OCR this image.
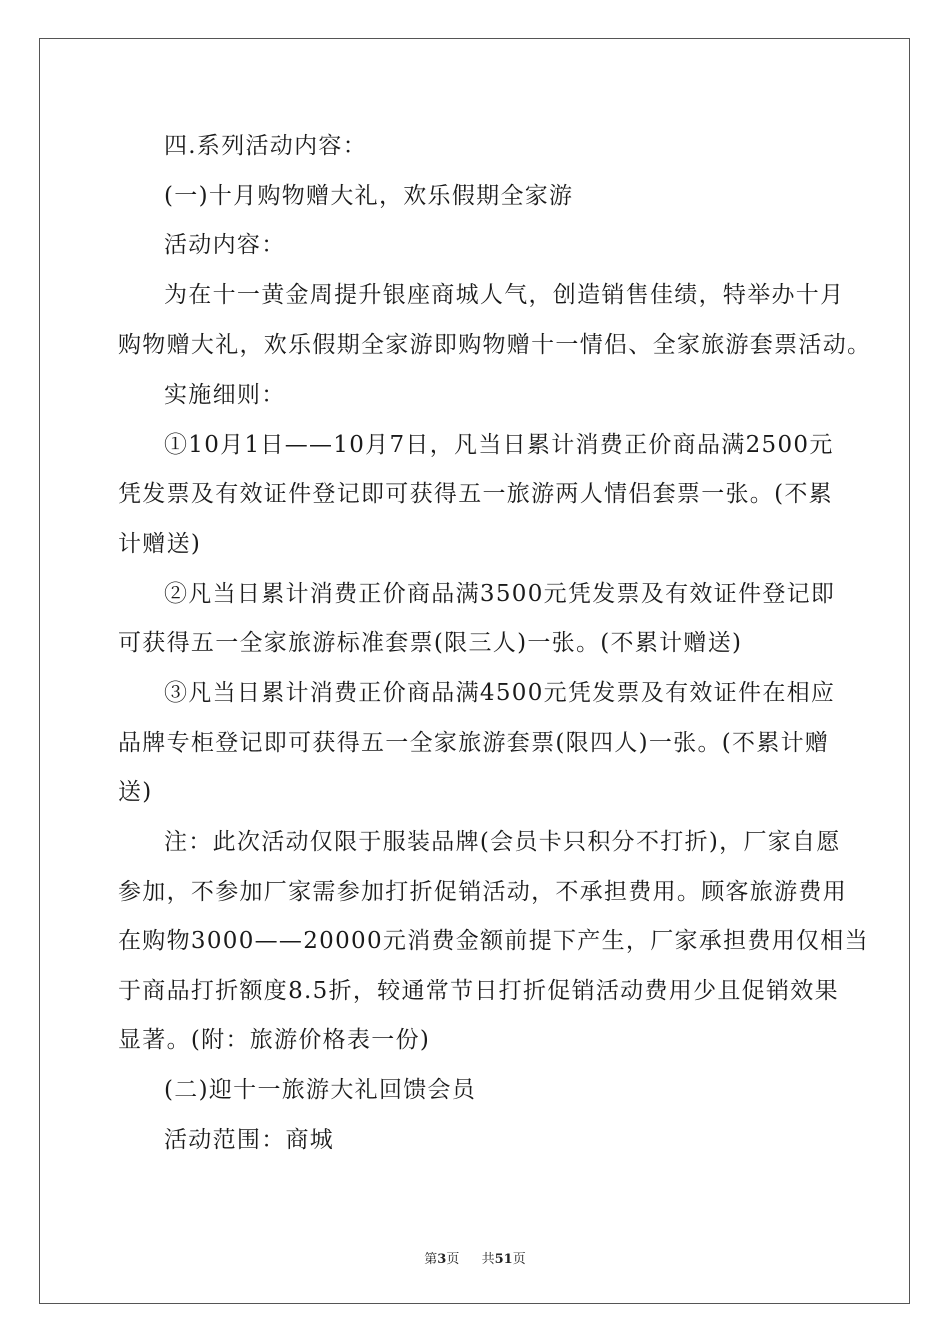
四.系列活动内容：
(一)十月购物赠大礼，欢乐假期全家游
活动内容：
为在十一黄金周提升银座商城人气，创造销售佳绩，特举办十月
购物赠大礼，欢乐假期全家游即购物赠十一情侣、全家旅游套票活动。
实施细则：
①10月1日——10月7日，凡当日累计消费正价商品满2500元
凭发票及有效证件登记即可获得五一旅游两人情侣套票一张。(不累
计赠送)
②凡当日累计消费正价商品满3500元凭发票及有效证件登记即
可获得五一全家旅游标准套票(限三人)一张。(不累计赠送)
③凡当日累计消费正价商品满4500元凭发票及有效证件在相应
品牌专柜登记即可获得五一全家旅游套票(限四人)一张。(不累计赠
送)
注：此次活动仅限于服装品牌(会员卡只积分不打折)，厂家自愿
参加，不参加厂家需参加打折促销活动，不承担费用。顾客旅游费用
在购物3000——20000元消费金额前提下产生，厂家承担费用仅相当
于商品打折额度8.5折，较通常节日打折促销活动费用少且促销效果
显著。(附：旅游价格表一份)
(二)迎十一旅游大礼回馈会员
活动范围：商城
第3页 共51页
